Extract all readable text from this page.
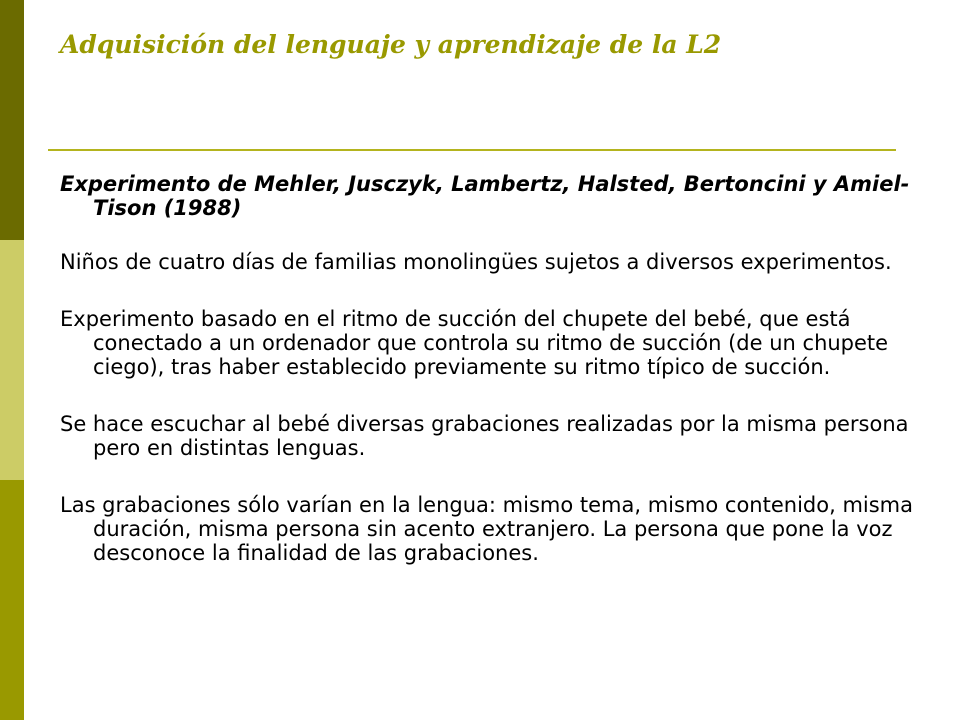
Adquisición del lenguaje y aprendizaje de la L2

Experimento de Mehler, Jusczyk, Lambertz, Halsted, Bertoncini y Amiel-Tison (1988)

Niños de cuatro días de familias monolingües sujetos a diversos experimentos.

Experimento basado en el ritmo de succión del chupete del bebé, que está conectado a un ordenador que controla su ritmo de succión (de un chupete ciego), tras haber establecido previamente su ritmo típico de succión.

Se hace escuchar al bebé diversas grabaciones realizadas por la misma persona pero en distintas lenguas.

Las grabaciones sólo varían en la lengua: mismo tema, mismo contenido, misma duración, misma persona sin acento extranjero. La persona que pone la voz desconoce la finalidad de las grabaciones.
